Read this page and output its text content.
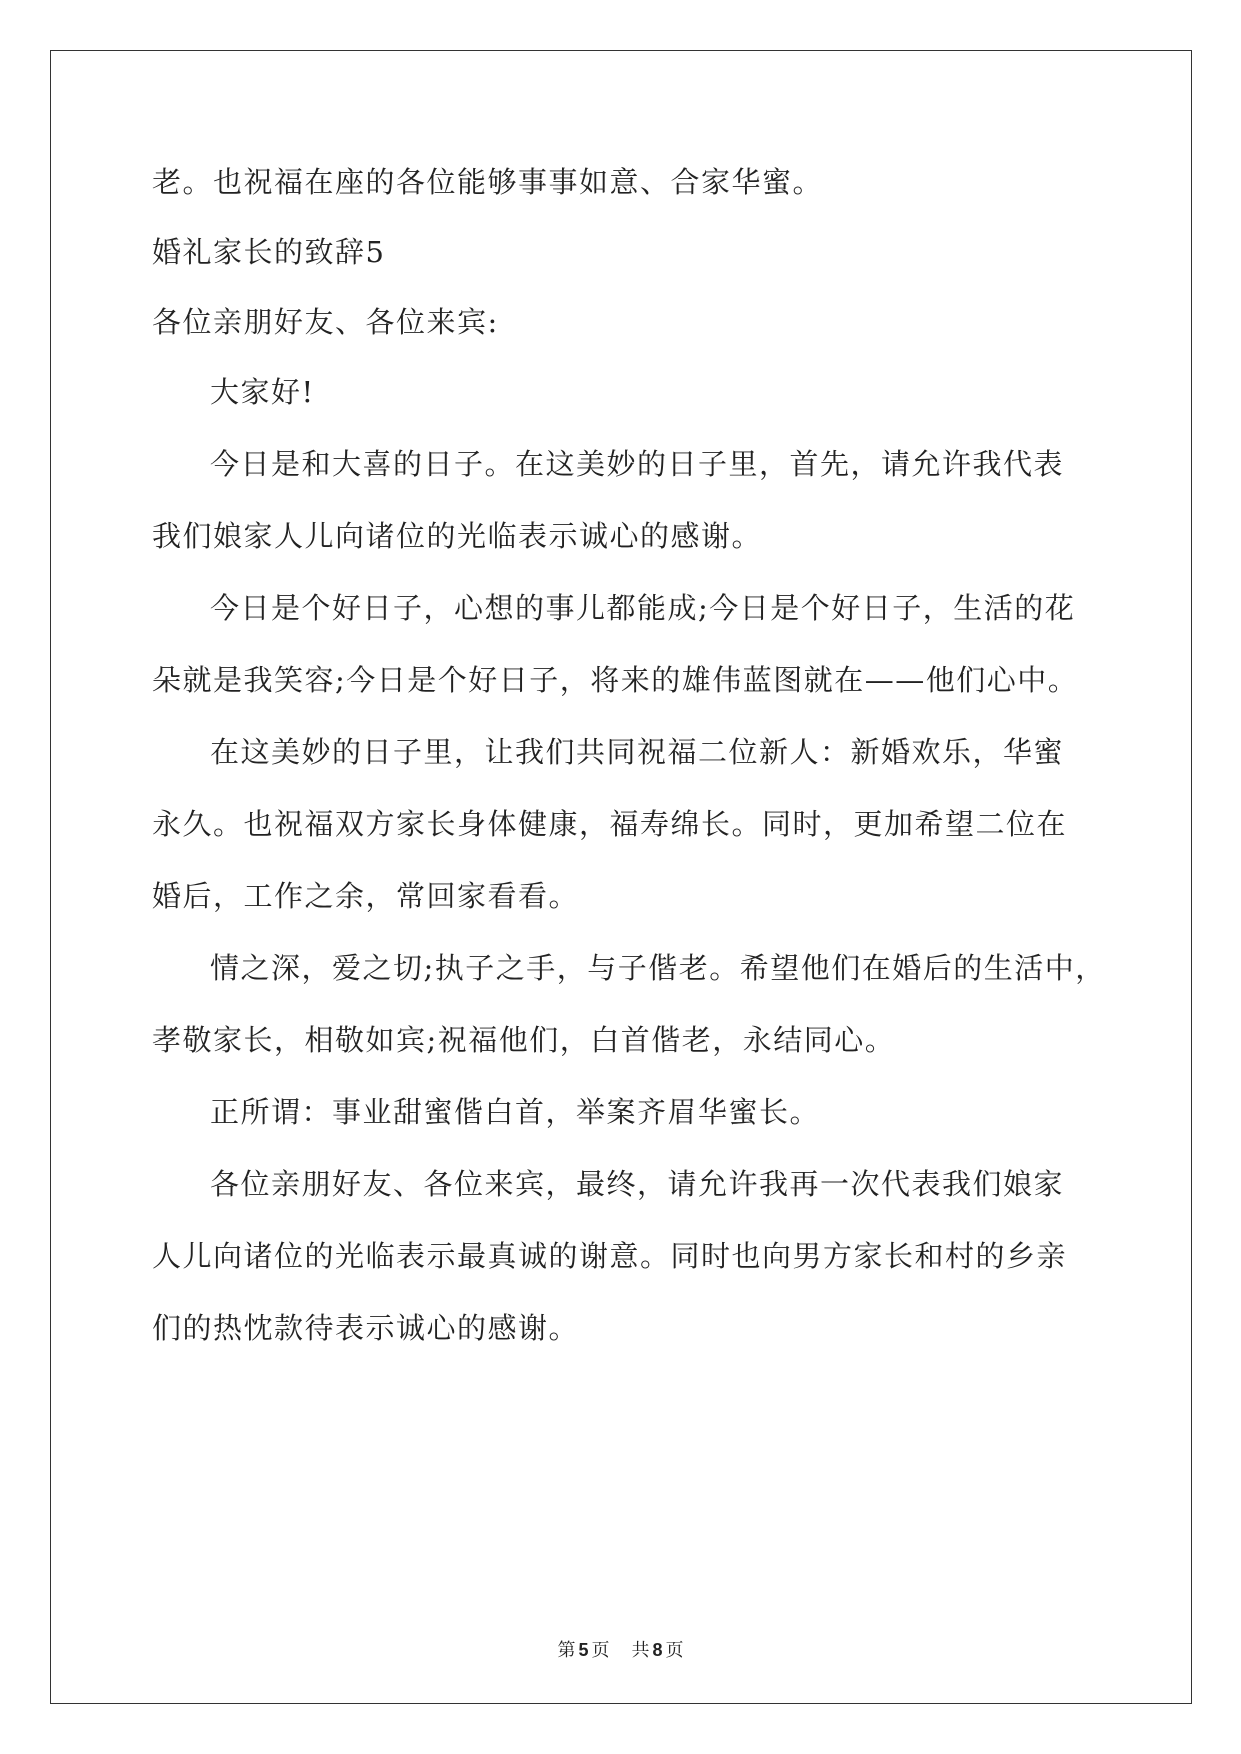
老。也祝福在座的各位能够事事如意、合家华蜜。
婚礼家长的致辞5
各位亲朋好友、各位来宾:
大家好!
今日是和大喜的日子。在这美妙的日子里，首先，请允许我代表
我们娘家人儿向诸位的光临表示诚心的感谢。
今日是个好日子，心想的事儿都能成;今日是个好日子，生活的花
朵就是我笑容;今日是个好日子，将来的雄伟蓝图就在——他们心中。
在这美妙的日子里，让我们共同祝福二位新人：新婚欢乐，华蜜
永久。也祝福双方家长身体健康，福寿绵长。同时，更加希望二位在
婚后，工作之余，常回家看看。
情之深，爱之切;执子之手，与子偕老。希望他们在婚后的生活中，
孝敬家长，相敬如宾;祝福他们，白首偕老，永结同心。
正所谓：事业甜蜜偕白首，举案齐眉华蜜长。
各位亲朋好友、各位来宾，最终，请允许我再一次代表我们娘家
人儿向诸位的光临表示最真诚的谢意。同时也向男方家长和村的乡亲
们的热忱款待表示诚心的感谢。
第 5 页 共 8 页
